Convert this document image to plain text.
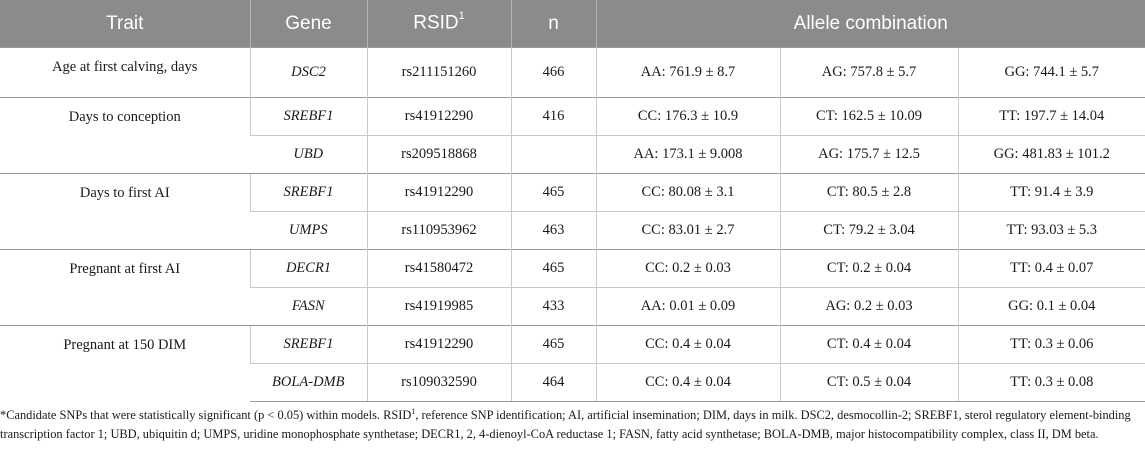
Trait	Gene	RSID$^1$	n	Allele combination		
Age at first calving, days	DSC2	rs211151260	466	AA: 761.9 ± 8.7	AG: 757.8 ± 5.7	GG: 744.1 ± 5.7
Days to conception	SREBF1	rs41912290	416	CC: 176.3 ± 10.9	CT: 162.5 ± 10.09	TT: 197.7 ± 14.04
	UBD	rs209518868		AA: 173.1 ± 9.008	AG: 175.7 ± 12.5	GG: 481.83 ± 101.2
Days to first AI	SREBF1	rs41912290	465	CC: 80.08 ± 3.1	CT: 80.5 ± 2.8	TT: 91.4 ± 3.9
	UMPS	rs110953962	463	CC: 83.01 ± 2.7	CT: 79.2 ± 3.04	TT: 93.03 ± 5.3
Pregnant at first AI	DECR1	rs41580472	465	CC: 0.2 ± 0.03	CT: 0.2 ± 0.04	TT: 0.4 ± 0.07
	FASN	rs41919985	433	AA: 0.01 ± 0.09	AG: 0.2 ± 0.03	GG: 0.1 ± 0.04
Pregnant at 150 DIM	SREBF1	rs41912290	465	CC: 0.4 ± 0.04	CT: 0.4 ± 0.04	TT: 0.3 ± 0.06
	BOLA-DMB	rs109032590	464	CC: 0.4 ± 0.04	CT: 0.5 ± 0.04	TT: 0.3 ± 0.08
*Candidate SNPs that were statistically significant (p < 0.05) within models. RSID$^1$, reference SNP identification; AI, artificial insemination; DIM, days in milk. DSC2, desmocollin-2; SREBF1, sterol regulatory element-binding transcription factor 1; UBD, ubiquitin d; UMPS, uridine monophosphate synthetase; DECR1, 2, 4-dienoyl-CoA reductase 1; FASN, fatty acid synthetase; BOLA-DMB, major histocompatibility complex, class II, DM beta.
